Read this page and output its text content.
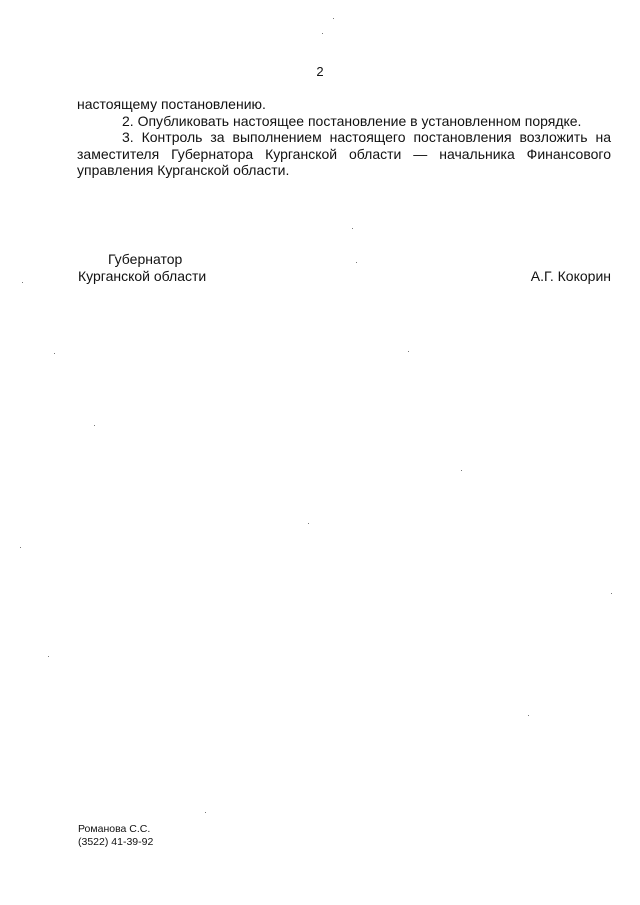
2

настоящему постановлению.

2. Опубликовать настоящее постановление в установленном порядке.

3. Контроль за выполнением настоящего постановления возложить на заместителя Губернатора Курганской области — начальника Финансового управления Курганской области.

Губернатор

Курганской области	А.Г. Кокорин
Романова С.С.
(3522) 41-39-92
